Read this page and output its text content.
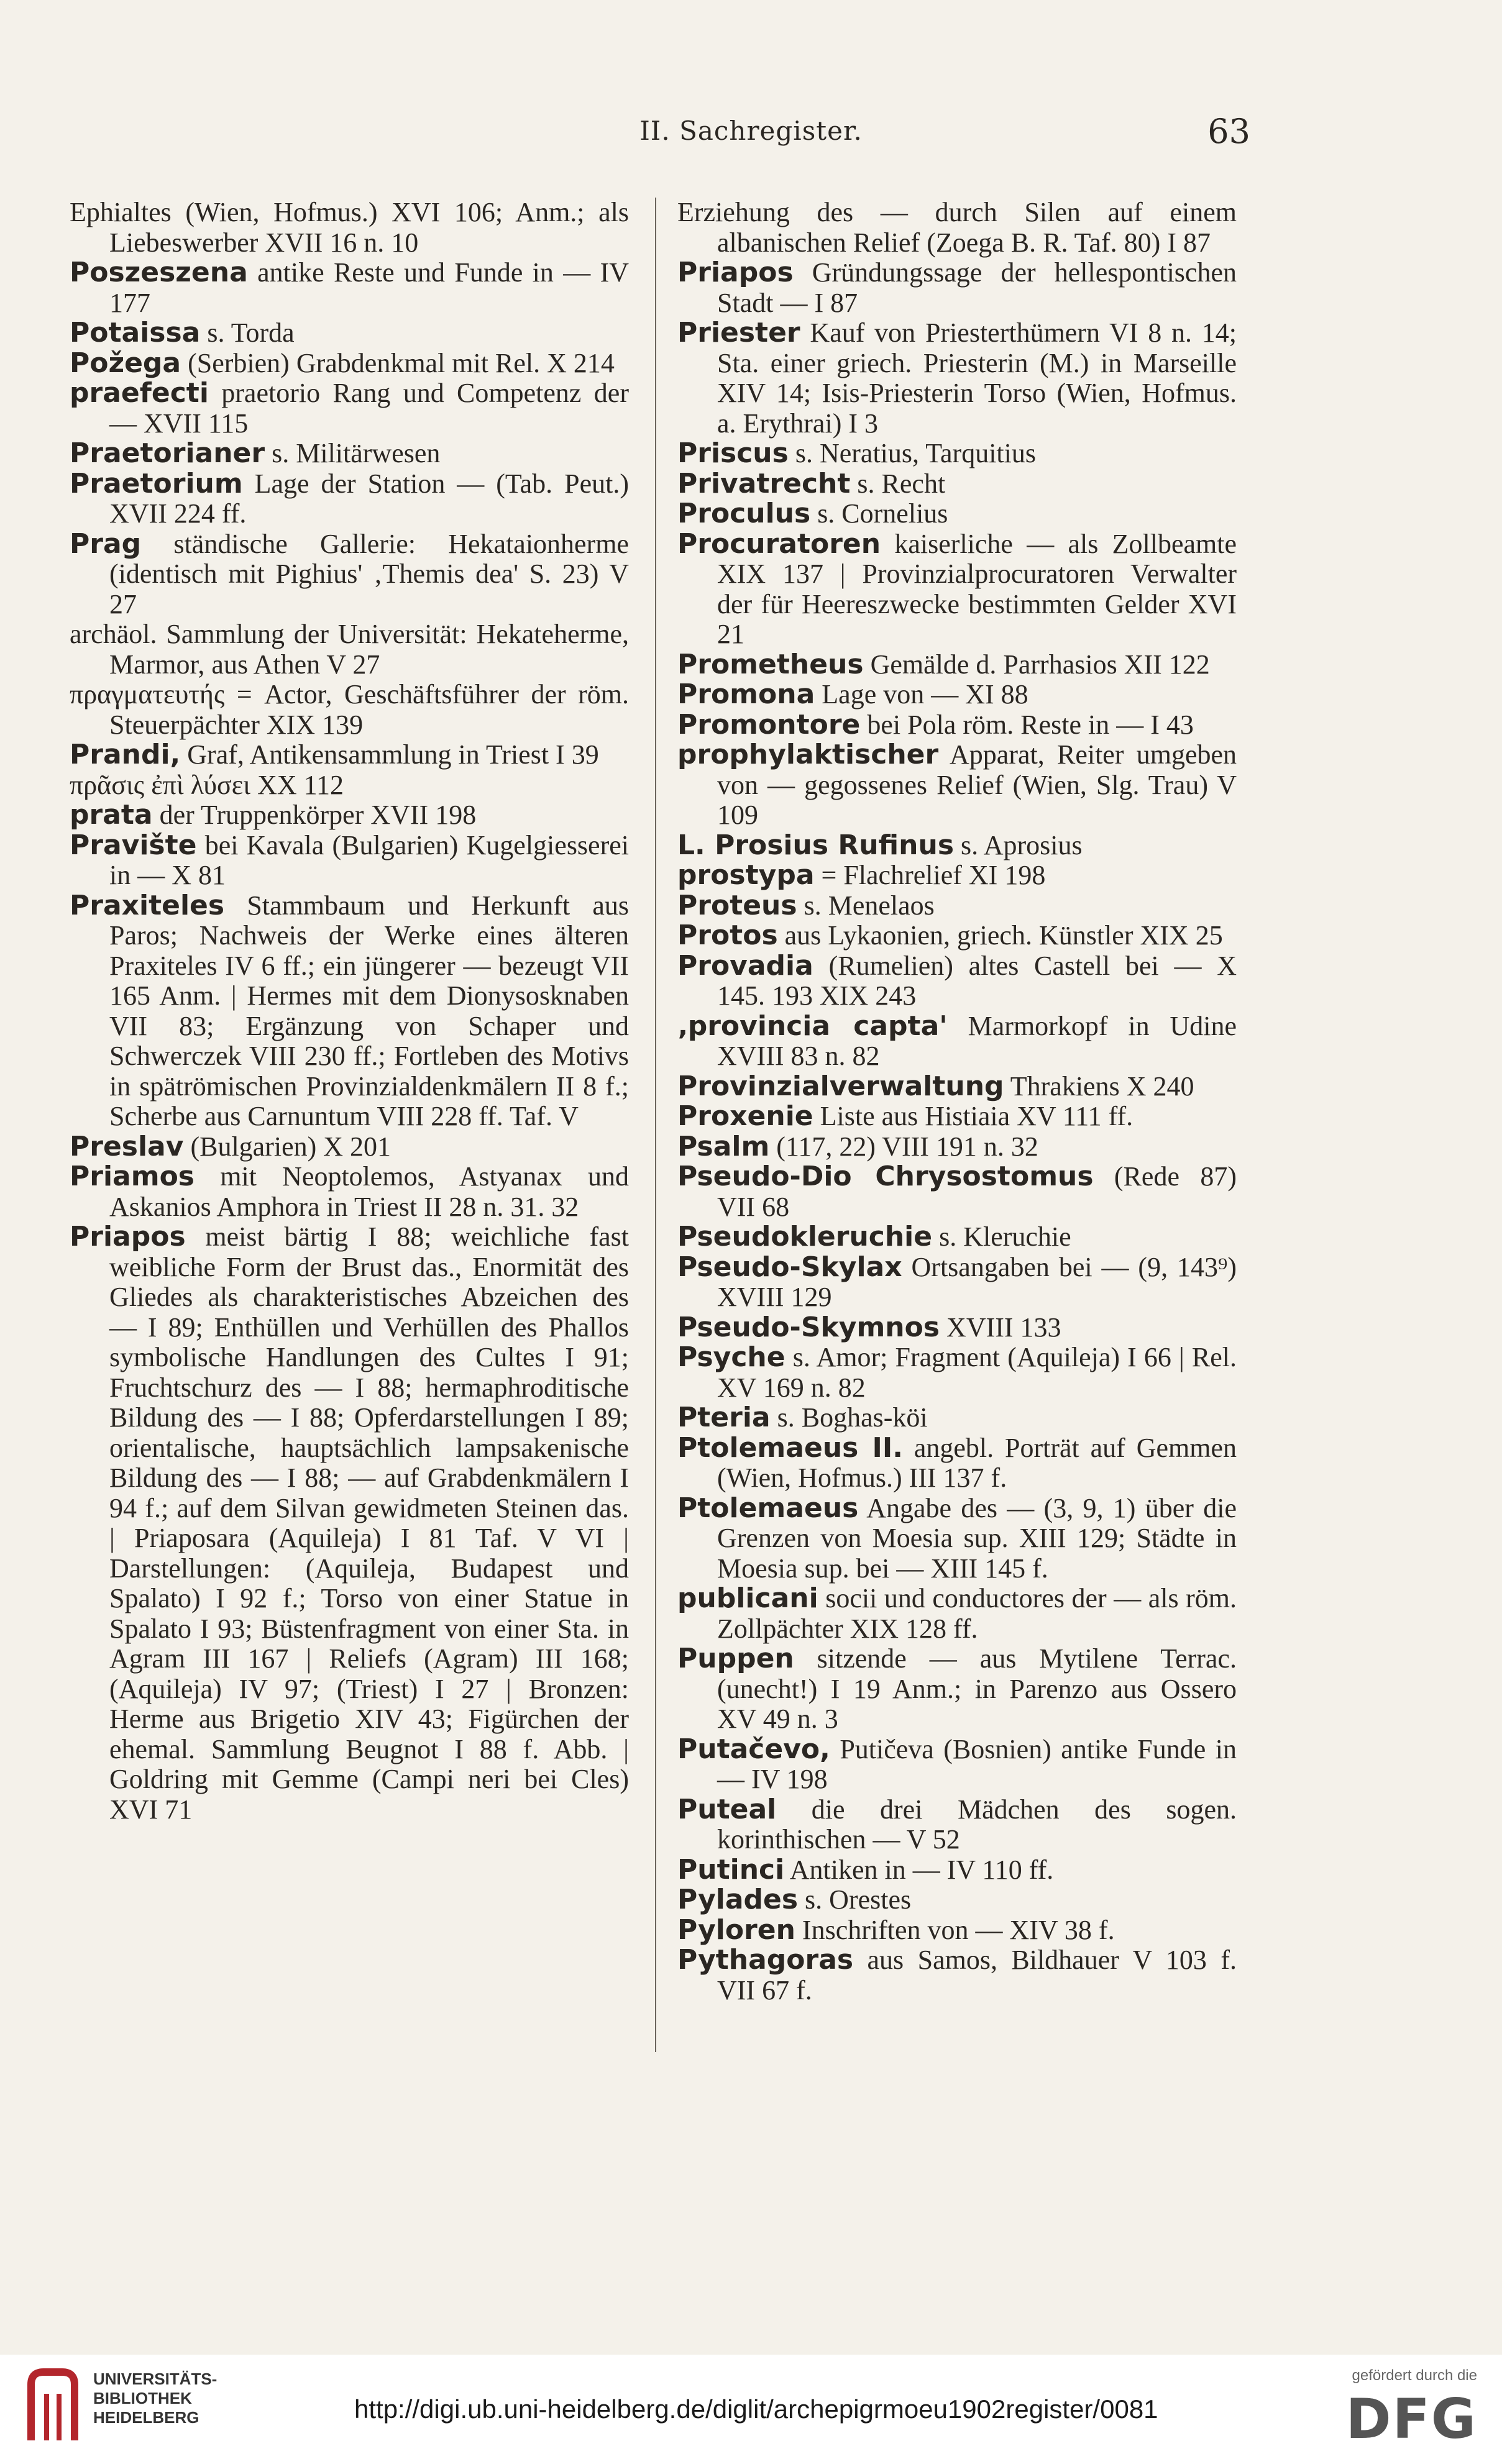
II. Sachregister.	63

Ephialtes (Wien, Hofmus.) XVI 106; Anm.; als Liebeswerber XVII 16 n. 10

Poszeszena antike Reste und Funde in — IV 177

Potaissa s. Torda

Požega (Serbien) Grabdenkmal mit Rel. X 214

praefecti praetorio Rang und Competenz der — XVII 115

Praetorianer s. Militärwesen

Praetorium Lage der Station — (Tab. Peut.) XVII 224 ff.

Prag ständische Gallerie: Hekataionherme (identisch mit Pighius' ‚Themis dea' S. 23) V 27

archäol. Sammlung der Universität: Hekateherme, Marmor, aus Athen V 27

πραγματευτής = Actor, Geschäftsführer der röm. Steuerpächter XIX 139

Prandi, Graf, Antikensammlung in Triest I 39

πρᾶσις ἐπὶ λύσει XX 112

prata der Truppenkörper XVII 198

Pravište bei Kavala (Bulgarien) Kugelgiesserei in — X 81

Praxiteles Stammbaum und Herkunft aus Paros; Nachweis der Werke eines älteren Praxiteles IV 6 ff.; ein jüngerer — bezeugt VII 165 Anm. | Hermes mit dem Dionysosknaben VII 83; Ergänzung von Schaper und Schwerczek VIII 230 ff.; Fortleben des Motivs in spätrömischen Provinzialdenkmälern II 8 f.; Scherbe aus Carnuntum VIII 228 ff. Taf. V

Preslav (Bulgarien) X 201

Priamos mit Neoptolemos, Astyanax und Askanios Amphora in Triest II 28 n. 31. 32

Priapos meist bärtig I 88; weichliche fast weibliche Form der Brust das., Enormität des Gliedes als charakteristisches Abzeichen des — I 89; Enthüllen und Verhüllen des Phallos symbolische Handlungen des Cultes I 91; Fruchtschurz des — I 88; hermaphroditische Bildung des — I 88; Opferdarstellungen I 89; orientalische, hauptsächlich lampsakenische Bildung des — I 88; — auf Grabdenkmälern I 94 f.; auf dem Silvan gewidmeten Steinen das. | Priaposara (Aquileja) I 81 Taf. V VI | Darstellungen: (Aquileja, Budapest und Spalato) I 92 f.; Torso von einer Statue in Spalato I 93; Büstenfragment von einer Sta. in Agram III 167 | Reliefs (Agram) III 168; (Aquileja) IV 97; (Triest) I 27 | Bronzen: Herme aus Brigetio XIV 43; Figürchen der ehemal. Sammlung Beugnot I 88 f. Abb. | Goldring mit Gemme (Campi neri bei Cles) XVI 71

Erziehung des — durch Silen auf einem albanischen Relief (Zoega B. R. Taf. 80) I 87

Priapos Gründungssage der hellespontischen Stadt — I 87

Priester Kauf von Priesterthümern VI 8 n. 14; Sta. einer griech. Priesterin (M.) in Marseille XIV 14; Isis-Priesterin Torso (Wien, Hofmus. a. Erythrai) I 3

Priscus s. Neratius, Tarquitius

Privatrecht s. Recht

Proculus s. Cornelius

Procuratoren kaiserliche — als Zollbeamte XIX 137 | Provinzialprocuratoren Verwalter der für Heereszwecke bestimmten Gelder XVI 21

Prometheus Gemälde d. Parrhasios XII 122

Promona Lage von — XI 88

Promontore bei Pola röm. Reste in — I 43

prophylaktischer Apparat, Reiter umgeben von — gegossenes Relief (Wien, Slg. Trau) V 109

L. Prosius Rufinus s. Aprosius

prostypa = Flachrelief XI 198

Proteus s. Menelaos

Protos aus Lykaonien, griech. Künstler XIX 25

Provadia (Rumelien) altes Castell bei — X 145. 193 XIX 243

‚provincia capta' Marmorkopf in Udine XVIII 83 n. 82

Provinzialverwaltung Thrakiens X 240

Proxenie Liste aus Histiaia XV 111 ff.

Psalm (117, 22) VIII 191 n. 32

Pseudo-Dio Chrysostomus (Rede 87) VII 68

Pseudokleruchie s. Kleruchie

Pseudo-Skylax Ortsangaben bei — (9, 143⁹) XVIII 129

Pseudo-Skymnos XVIII 133

Psyche s. Amor; Fragment (Aquileja) I 66 | Rel. XV 169 n. 82

Pteria s. Boghas-köi

Ptolemaeus II. angebl. Porträt auf Gemmen (Wien, Hofmus.) III 137 f.

Ptolemaeus Angabe des — (3, 9, 1) über die Grenzen von Moesia sup. XIII 129; Städte in Moesia sup. bei — XIII 145 f.

publicani socii und conductores der — als röm. Zollpächter XIX 128 ff.

Puppen sitzende — aus Mytilene Terrac. (unecht!) I 19 Anm.; in Parenzo aus Ossero XV 49 n. 3

Putačevo, Putičeva (Bosnien) antike Funde in — IV 198

Puteal die drei Mädchen des sogen. korinthischen — V 52

Putinci Antiken in — IV 110 ff.

Pylades s. Orestes

Pyloren Inschriften von — XIV 38 f.

Pythagoras aus Samos, Bildhauer V 103 f. VII 67 f.

UNIVERSITÄTS-
BIBLIOTHEK
HEIDELBERG	http://digi.ub.uni-heidelberg.de/diglit/archepigrmoeu1902register/0081
gefördert durch die
DFG
